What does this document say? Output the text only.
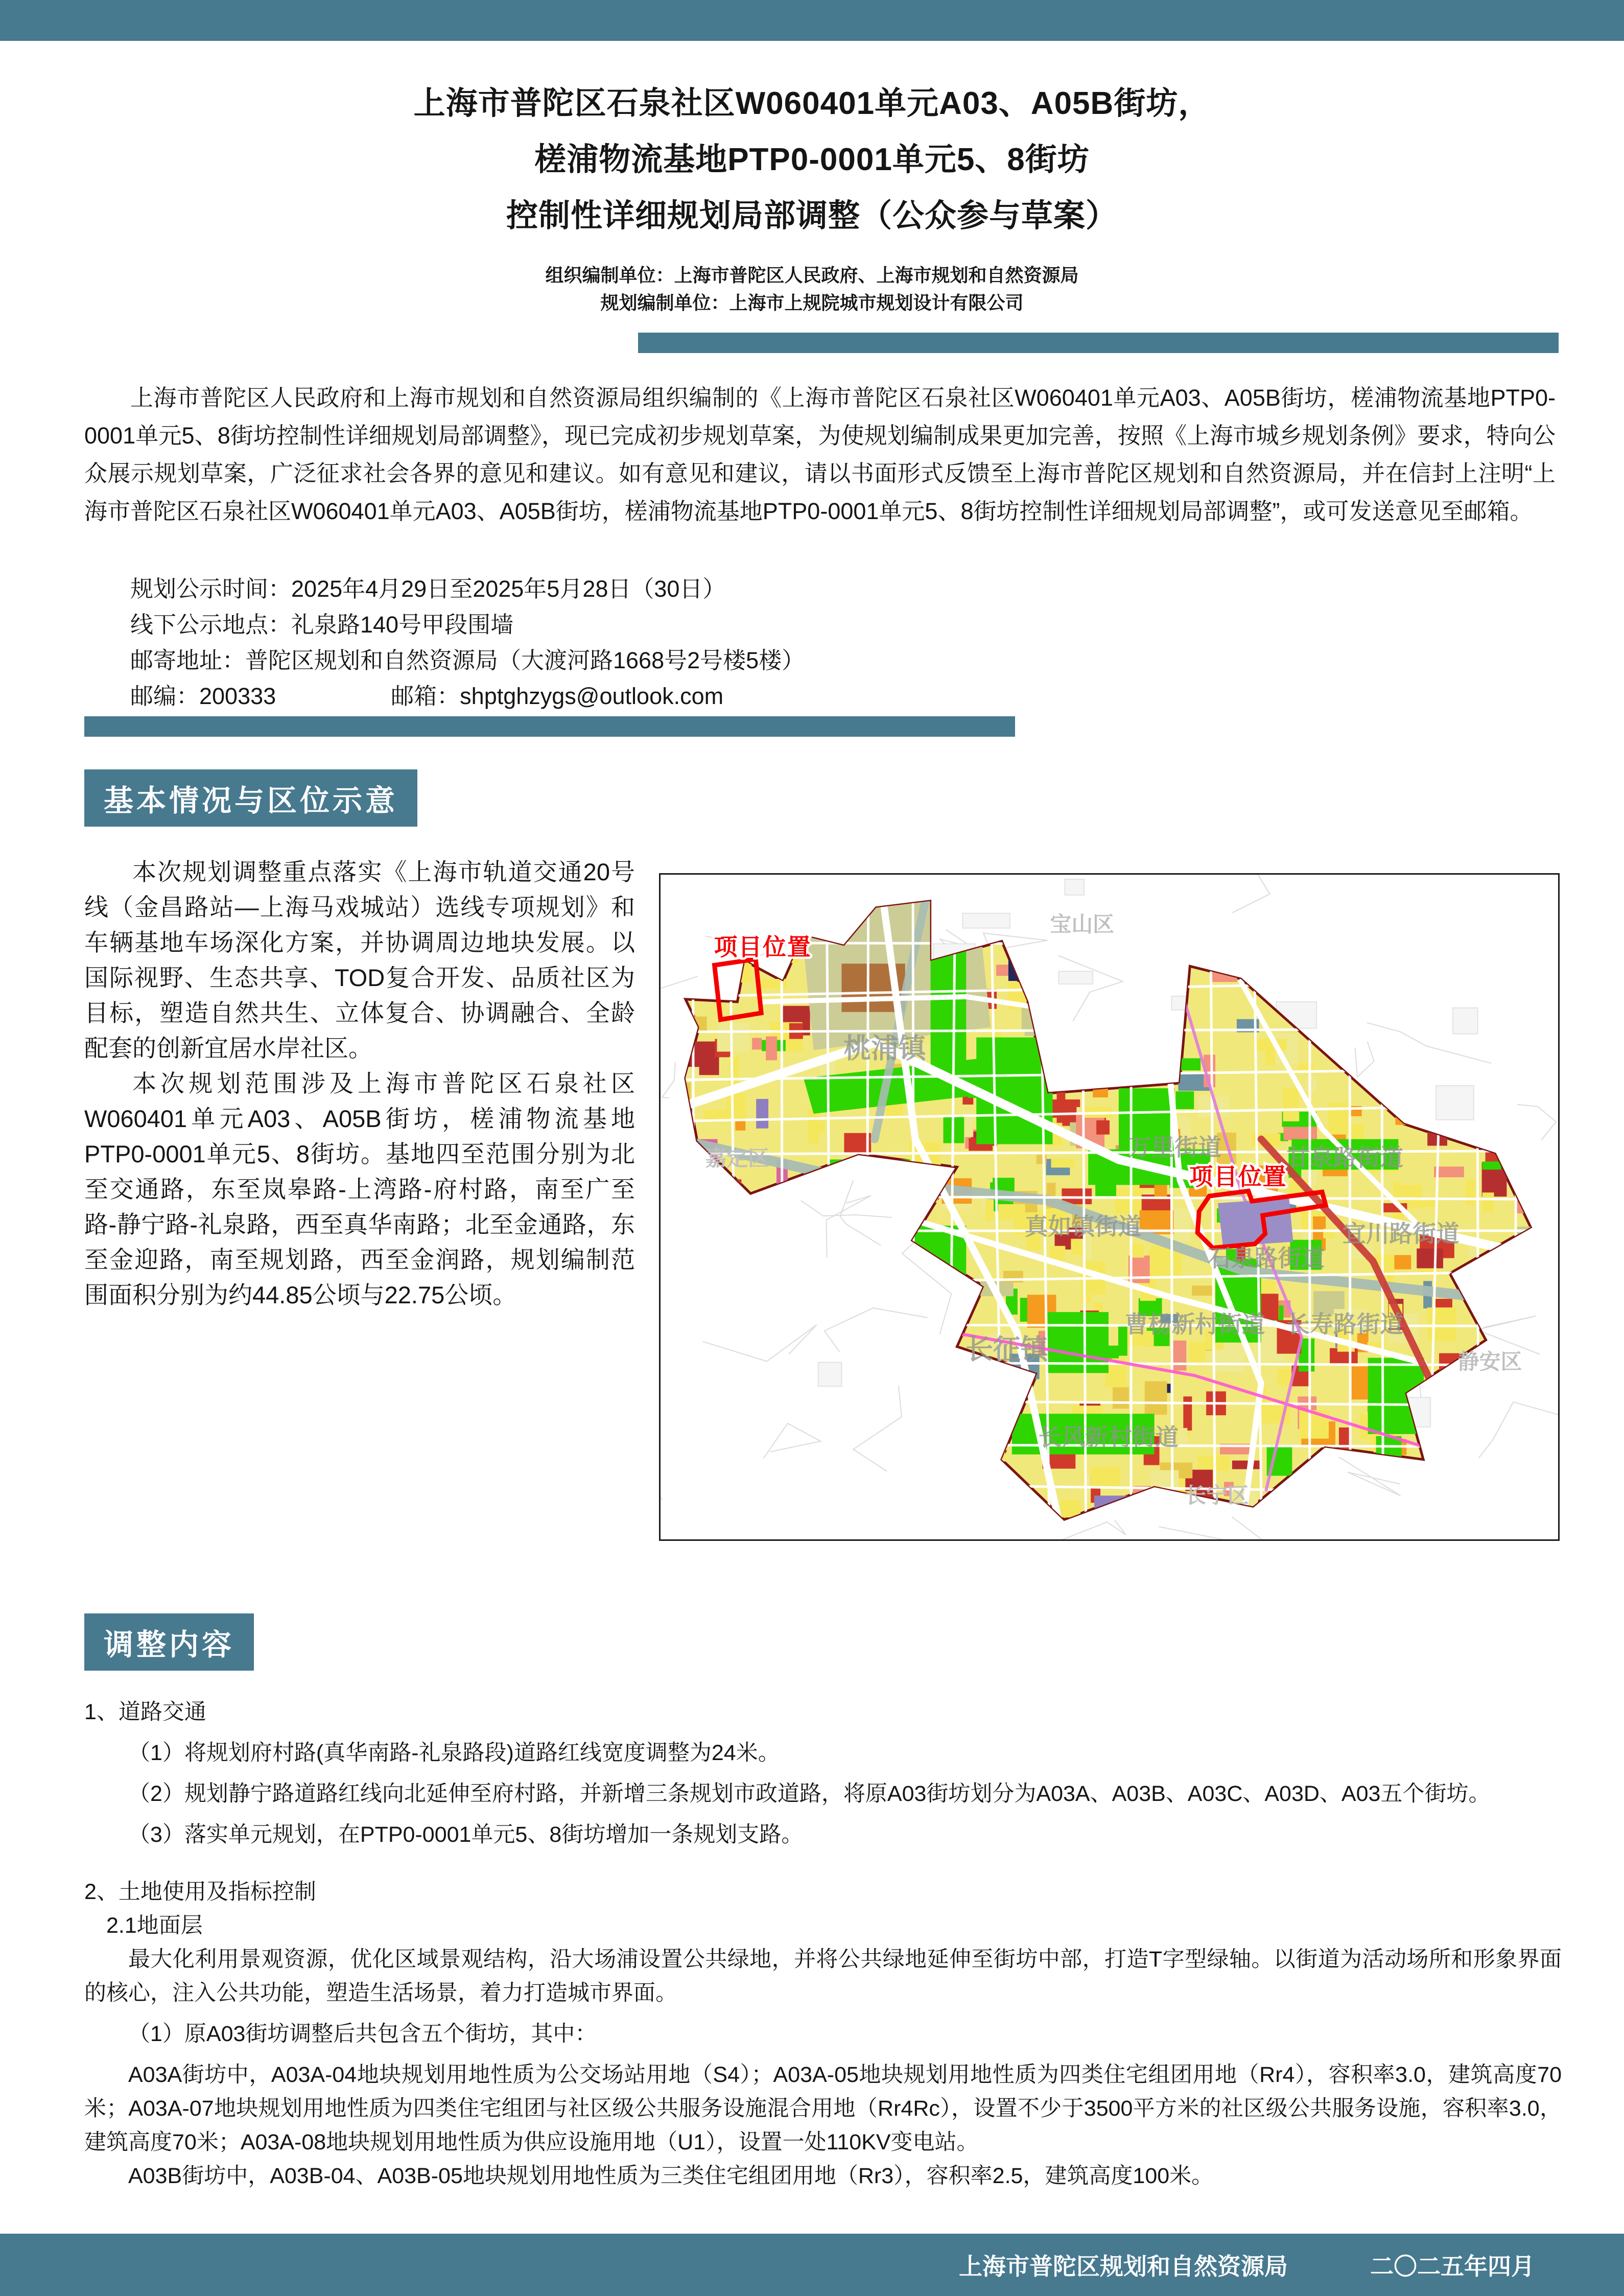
上海市普陀区石泉社区W060401单元A03、A05B街坊，
槎浦物流基地PTP0-0001单元5、8街坊
控制性详细规划局部调整（公众参与草案）
组织编制单位：上海市普陀区人民政府、上海市规划和自然资源局
规划编制单位：上海市上规院城市规划设计有限公司

上海市普陀区人民政府和上海市规划和自然资源局组织编制的《上海市普陀区石泉社区W060401单元A03、A05B街坊，槎浦物流基地PTP0-0001单元5、8街坊控制性详细规划局部调整》，现已完成初步规划草案，为使规划编制成果更加完善，按照《上海市城乡规划条例》要求，特向公众展示规划草案，广泛征求社会各界的意见和建议。如有意见和建议，请以书面形式反馈至上海市普陀区规划和自然资源局，并在信封上注明“上海市普陀区石泉社区W060401单元A03、A05B街坊，槎浦物流基地PTP0-0001单元5、8街坊控制性详细规划局部调整”，或可发送意见至邮箱。

规划公示时间：2025年4月29日至2025年5月28日（30日）
线下公示地点：礼泉路140号甲段围墙
邮寄地址：普陀区规划和自然资源局（大渡河路1668号2号楼5楼）
邮编：200333	邮箱：shptghzygs@outlook.com
基本情况与区位示意

本次规划调整重点落实《上海市轨道交通20号线（金昌路站—上海马戏城站）选线专项规划》和车辆基地车场深化方案，并协调周边地块发展。以国际视野、生态共享、TOD复合开发、品质社区为目标，塑造自然共生、立体复合、协调融合、全龄配套的创新宜居水岸社区。

本次规划范围涉及上海市普陀区石泉社区W060401单元A03、A05B街坊，槎浦物流基地PTP0-0001单元5、8街坊。基地四至范围分别为北至交通路，东至岚皋路-上湾路-府村路，南至广至路-静宁路-礼泉路，西至真华南路；北至金通路，东至金迎路，南至规划路，西至金润路，规划编制范围面积分别为约44.85公顷与22.75公顷。

宝山区
嘉定区
静安区
长宁区
桃浦镇
万里街道	甘泉路街道
真如镇街道
石泉路街道
宜川路街道
曹杨新村街道 长寿路街道
长征镇
长风新村街道
项目位置
项目位置
调整内容
1、道路交通
（1）将规划府村路(真华南路-礼泉路段)道路红线宽度调整为24米。
（2）规划静宁路道路红线向北延伸至府村路，并新增三条规划市政道路，将原A03街坊划分为A03A、A03B、A03C、A03D、A03五个街坊。
（3）落实单元规划，在PTP0-0001单元5、8街坊增加一条规划支路。
2、土地使用及指标控制
2.1地面层

最大化利用景观资源，优化区域景观结构，沿大场浦设置公共绿地，并将公共绿地延伸至街坊中部，打造T字型绿轴。以街道为活动场所和形象界面的核心，注入公共功能，塑造生活场景，着力打造城市界面。

（1）原A03街坊调整后共包含五个街坊，其中：

A03A街坊中，A03A-04地块规划用地性质为公交场站用地（S4）；A03A-05地块规划用地性质为四类住宅组团用地（Rr4），容积率3.0，建筑高度70米；A03A-07地块规划用地性质为四类住宅组团与社区级公共服务设施混合用地（Rr4Rc），设置不少于3500平方米的社区级公共服务设施，容积率3.0，建筑高度70米；A03A-08地块规划用地性质为供应设施用地（U1），设置一处110KV变电站。

A03B街坊中，A03B-04、A03B-05地块规划用地性质为三类住宅组团用地（Rr3），容积率2.5，建筑高度100米。

上海市普陀区规划和自然资源局	二〇二五年四月
